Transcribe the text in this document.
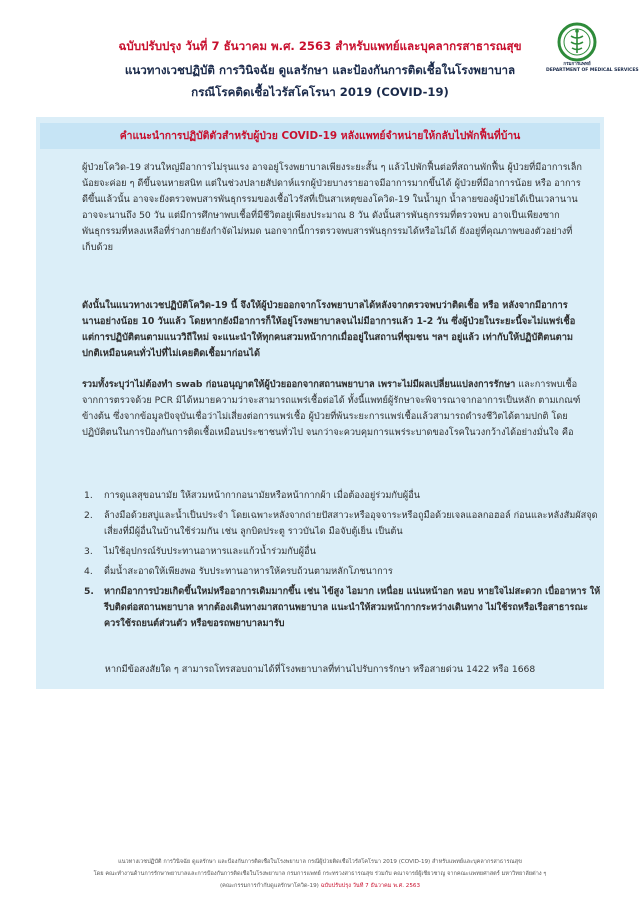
ฉบับปรับปรุง วันที่ 7 ธันวาคม พ.ศ. 2563 สำหรับแพทย์และบุคลากรสาธารณสุข
แนวทางเวชปฏิบัติ การวินิจฉัย ดูแลรักษา และป้องกันการติดเชื้อในโรงพยาบาล
กรณีโรคติดเชื้อไวรัสโคโรนา 2019 (COVID-19)
กรมการแพทย์
DEPARTMENT OF MEDICAL SERVICES
คำแนะนำการปฏิบัติตัวสำหรับผู้ป่วย COVID-19 หลังแพทย์จำหน่ายให้กลับไปพักฟื้นที่บ้าน
ผู้ป่วยโควิด-19 ส่วนใหญ่มีอาการไม่รุนแรง อาจอยู่โรงพยาบาลเพียงระยะสั้น ๆ แล้วไปพักฟื้นต่อที่สถานพักฟื้น ผู้ป่วยที่มีอาการเล็กน้อยจะค่อย ๆ ดีขึ้นจนหายสนิท แต่ในช่วงปลายสัปดาห์แรกผู้ป่วยบางรายอาจมีอาการมากขึ้นได้ ผู้ป่วยที่มีอาการน้อย หรือ อาการดีขึ้นแล้วนั้น อาจจะยังตรวจพบสารพันธุกรรมของเชื้อไวรัสที่เป็นสาเหตุของโควิด-19 ในน้ำมูก น้ำลายของผู้ป่วยได้เป็นเวลานาน อาจจะนานถึง 50 วัน แต่มีการศึกษาพบเชื้อที่มีชีวิตอยู่เพียงประมาณ 8 วัน ดังนั้นสารพันธุกรรมที่ตรวจพบ อาจเป็นเพียงซากพันธุกรรมที่หลงเหลือที่ร่างกายยังกำจัดไม่หมด นอกจากนี้การตรวจพบสารพันธุกรรมได้หรือไม่ได้ ยังอยู่ที่คุณภาพของตัวอย่างที่เก็บด้วย
ดังนั้นในแนวทางเวชปฏิบัติโควิด-19 นี้ จึงให้ผู้ป่วยออกจากโรงพยาบาลได้หลังจากตรวจพบว่าติดเชื้อ หรือ หลังจากมีอาการนานอย่างน้อย 10 วันแล้ว โดยหากยังมีอาการก็ให้อยู่โรงพยาบาลจนไม่มีอาการแล้ว 1-2 วัน ซึ่งผู้ป่วยในระยะนี้จะไม่แพร่เชื้อ แต่การปฏิบัติตนตามแนววิถีใหม่ จะแนะนำให้ทุกคนสวมหน้ากากเมื่ออยู่ในสถานที่ชุมชน ฯลฯ อยู่แล้ว เท่ากับให้ปฏิบัติตนตามปกติเหมือนคนทั่วไปที่ไม่เคยติดเชื้อมาก่อนได้
รวมทั้งระบุว่าไม่ต้องทำ swab ก่อนอนุญาตให้ผู้ป่วยออกจากสถานพยาบาล เพราะไม่มีผลเปลี่ยนแปลงการรักษา และการพบเชื้อจากการตรวจด้วย PCR มิได้หมายความว่าจะสามารถแพร่เชื้อต่อได้ ทั้งนี้แพทย์ผู้รักษาจะพิจารณาจากอาการเป็นหลัก ตามเกณฑ์ข้างต้น ซึ่งจากข้อมูลปัจจุบันเชื่อว่าไม่เสี่ยงต่อการแพร่เชื้อ ผู้ป่วยที่พ้นระยะการแพร่เชื้อแล้วสามารถดำรงชีวิตได้ตามปกติ โดยปฏิบัติตนในการป้องกันการติดเชื้อเหมือนประชาชนทั่วไป จนกว่าจะควบคุมการแพร่ระบาดของโรคในวงกว้างได้อย่างมั่นใจ คือ
1. การดูแลสุขอนามัย ให้สวมหน้ากากอนามัยหรือหน้ากากผ้า เมื่อต้องอยู่ร่วมกับผู้อื่น
2. ล้างมือด้วยสบู่และน้ำเป็นประจำ โดยเฉพาะหลังจากถ่ายปัสสาวะหรืออุจจาระหรือถูมือด้วยเจลแอลกอฮอล์ ก่อนและหลังสัมผัสจุดเสี่ยงที่มีผู้อื่นในบ้านใช้ร่วมกัน เช่น ลูกบิดประตู ราวบันได มือจับตู้เย็น เป็นต้น
3. ไม่ใช้อุปกรณ์รับประทานอาหารและแก้วน้ำร่วมกับผู้อื่น
4. ดื่มน้ำสะอาดให้เพียงพอ รับประทานอาหารให้ครบถ้วนตามหลักโภชนาการ
5. หากมีอาการป่วยเกิดขึ้นใหม่หรืออาการเดิมมากขึ้น เช่น ไข้สูง ไอมาก เหนื่อย แน่นหน้าอก หอบ หายใจไม่สะดวก เบื่ออาหาร ให้รีบติดต่อสถานพยาบาล หากต้องเดินทางมาสถานพยาบาล แนะนำให้สวมหน้ากากระหว่างเดินทาง ไม่ใช้รถหรือเรือสาธารณะ ควรใช้รถยนต์ส่วนตัว หรือขอรถพยาบาลมารับ
หากมีข้อสงสัยใด ๆ สามารถโทรสอบถามได้ที่โรงพยาบาลที่ท่านไปรับการรักษา หรือสายด่วน 1422 หรือ 1668
แนวทางเวชปฏิบัติ การวินิจฉัย ดูแลรักษา และป้องกันการติดเชื้อในโรงพยาบาล กรณีผู้ป่วยติดเชื้อไวรัสโคโรนา 2019 (COVID-19) สำหรับแพทย์และบุคลากรสาธารณสุข
โดย คณะทำงานด้านการรักษาพยาบาลและการป้องกันการติดเชื้อในโรงพยาบาล กรมการแพทย์ กระทรวงสาธารณสุข ร่วมกับ คณาจารย์ผู้เชี่ยวชาญ จากคณะแพทยศาสตร์ มหาวิทยาลัยต่าง ๆ
(คณะกรรมการกำกับดูแลรักษาโควิด-19) ฉบับปรับปรุง วันที่ 7 ธันวาคม พ.ศ. 2563
